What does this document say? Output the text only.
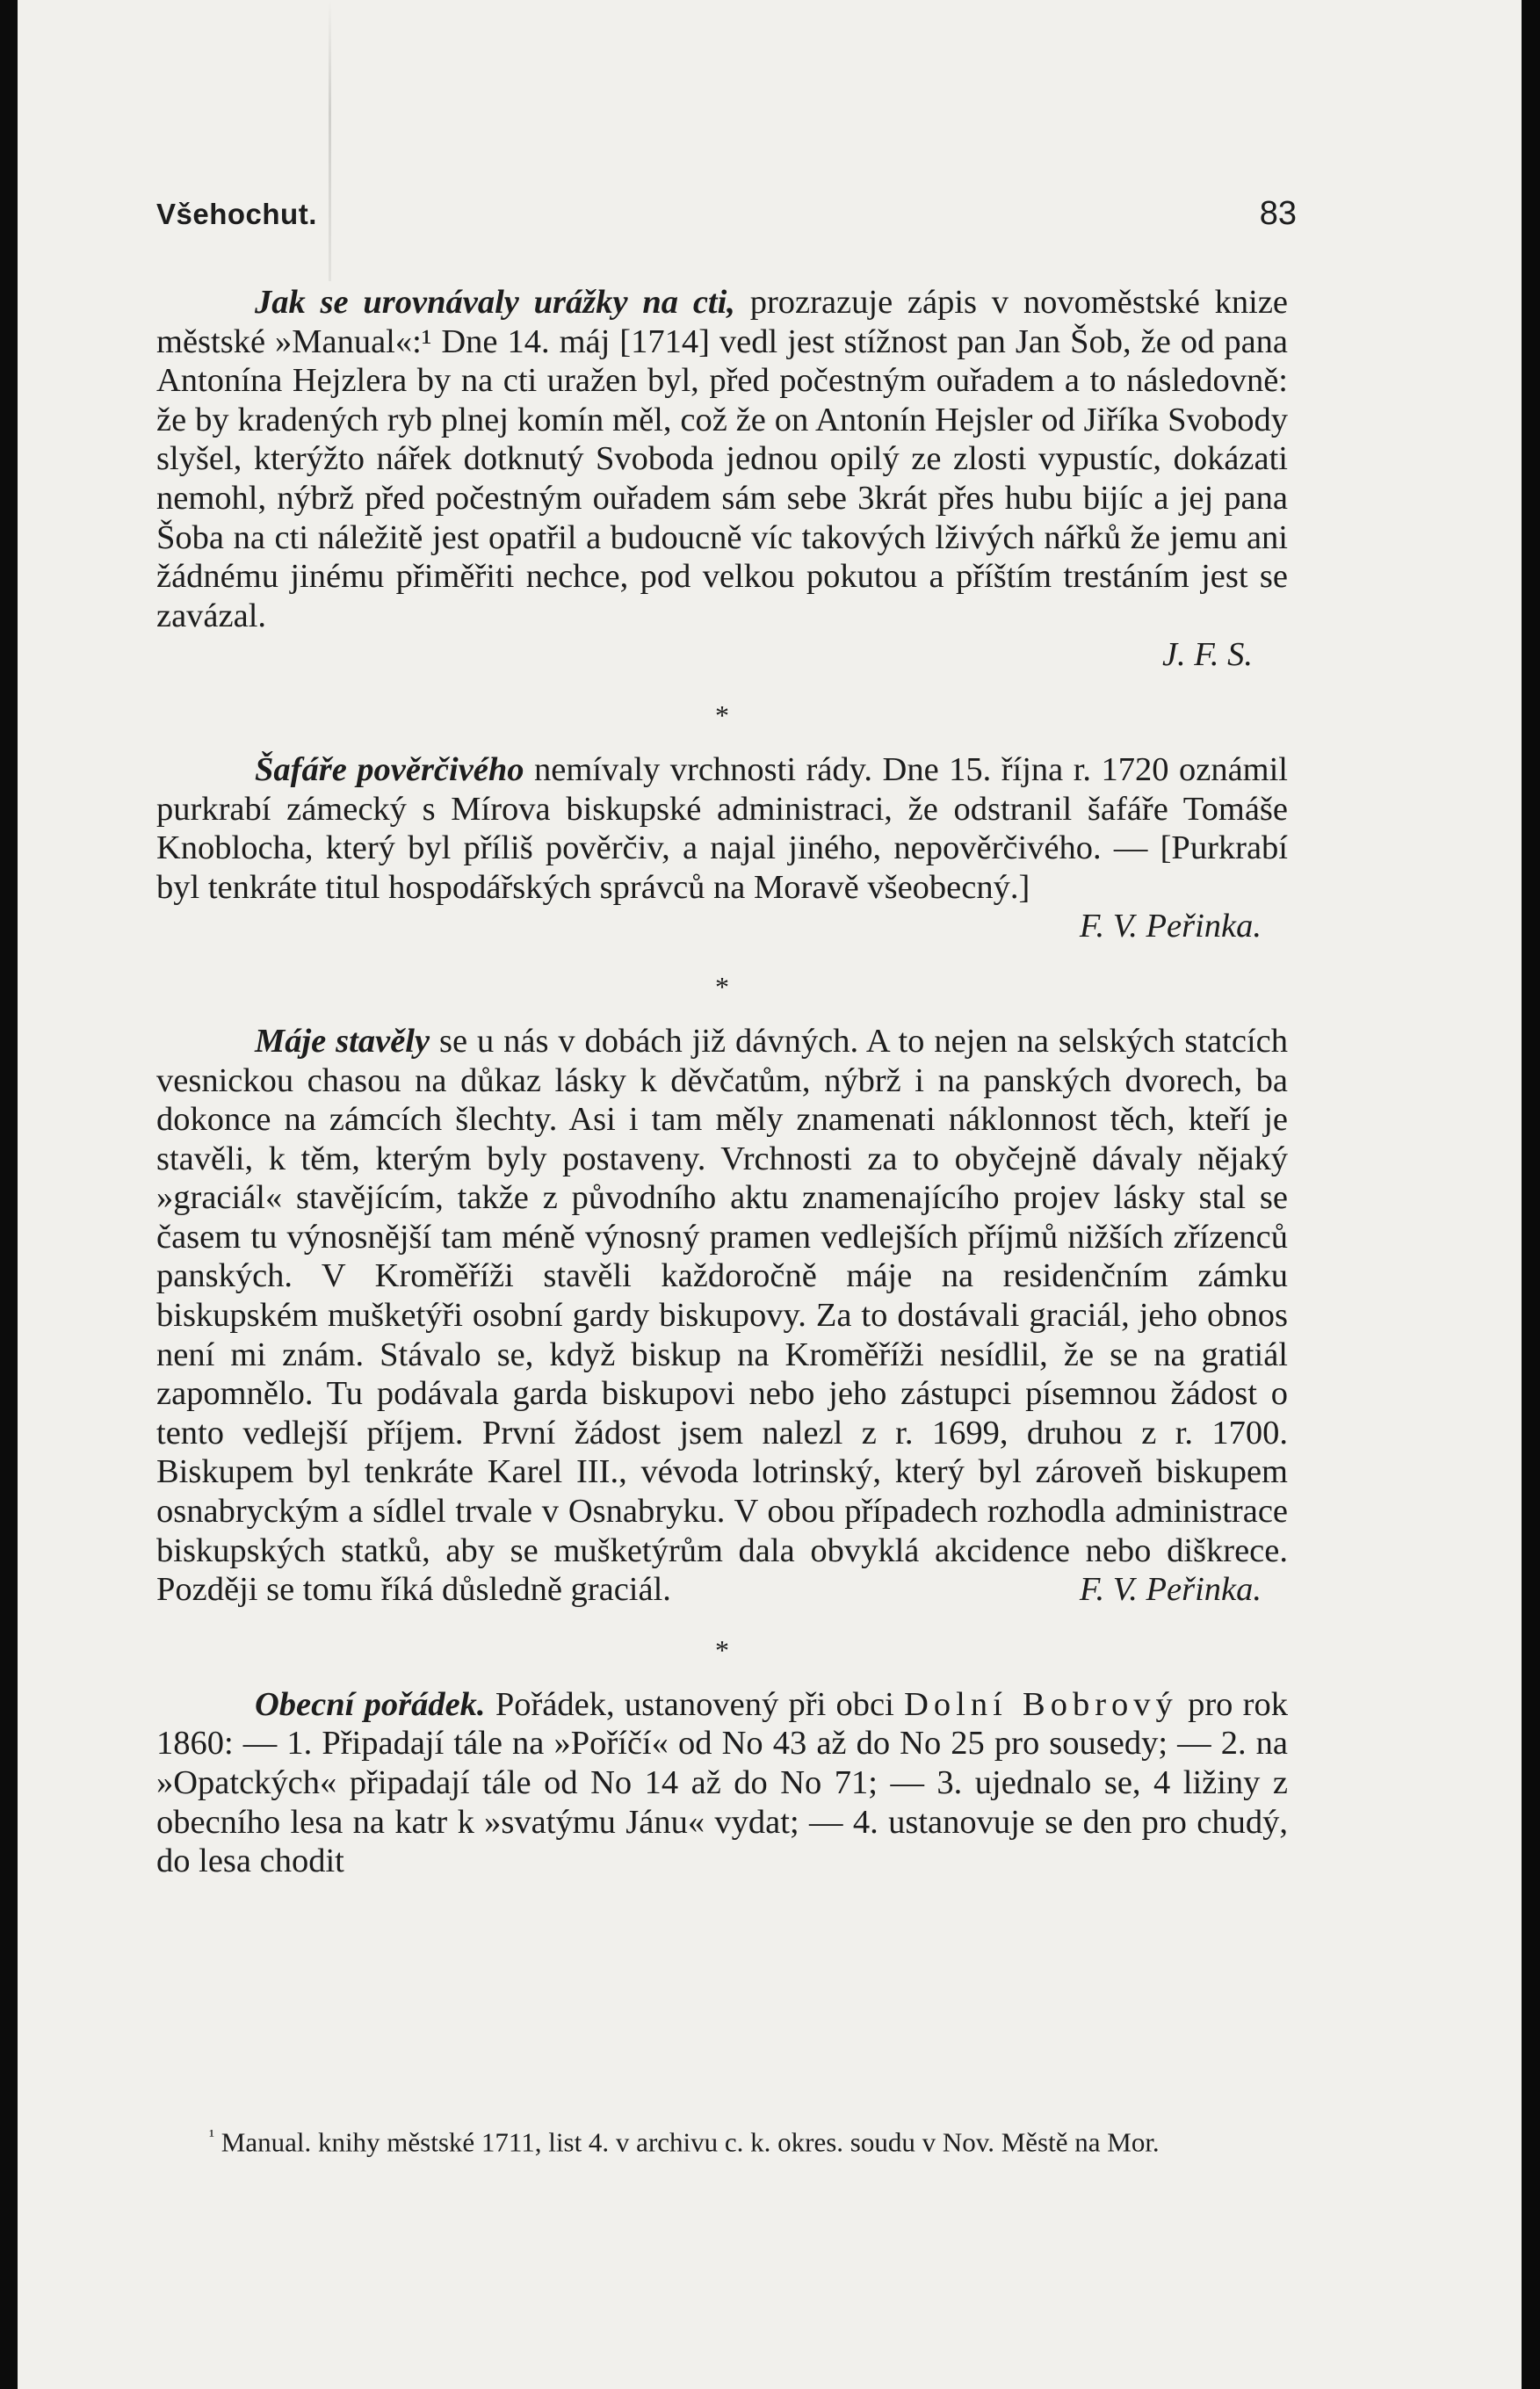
Všehochut.	83

Jak se urovnávaly urážky na cti, prozrazuje zápis v novoměstské knize městské »Manual«:¹ Dne 14. máj [1714] vedl jest stížnost pan Jan Šob, že od pana Antonína Hejzlera by na cti uražen byl, před počestným ouřadem a to následovně: že by kradených ryb plnej komín měl, což že on Antonín Hejsler od Jiříka Svobody slyšel, kterýžto nářek dotknutý Svoboda jednou opilý ze zlosti vypustíc, dokázati nemohl, nýbrž před počestným ouřadem sám sebe 3krát přes hubu bijíc a jej pana Šoba na cti náležitě jest opatřil a budoucně víc takových lživých nářků že jemu ani žádnému jinému přiměřiti nechce, pod velkou pokutou a příštím trestáním jest se zavázal.

J. F. S.
*

Šafáře pověrčivého nemívaly vrchnosti rády. Dne 15. října r. 1720 oznámil purkrabí zámecký s Mírova biskupské administraci, že odstranil šafáře Tomáše Knoblocha, který byl příliš pověrčiv, a najal jiného, nepověrčivého. — [Purkrabí byl tenkráte titul hospodářských správců na Moravě všeobecný.]
F. V. Peřinka.

*

Máje stavěly se u nás v dobách již dávných. A to nejen na selských statcích vesnickou chasou na důkaz lásky k děvčatům, nýbrž i na panských dvorech, ba dokonce na zámcích šlechty. Asi i tam měly znamenati náklonnost těch, kteří je stavěli, k těm, kterým byly postaveny. Vrchnosti za to obyčejně dávaly nějaký »graciál« stavějícím, takže z původního aktu znamenajícího projev lásky stal se časem tu výnosnější tam méně výnosný pramen vedlejších příjmů nižších zřízenců panských. V Kroměříži stavěli každoročně máje na residenčním zámku biskupském mušketýři osobní gardy biskupovy. Za to dostávali graciál, jeho obnos není mi znám. Stávalo se, když biskup na Kroměříži nesídlil, že se na gratiál zapomnělo. Tu podávala garda biskupovi nebo jeho zástupci písemnou žádost o tento vedlejší příjem. První žádost jsem nalezl z r. 1699, druhou z r. 1700. Biskupem byl tenkráte Karel III., vévoda lotrinský, který byl zároveň biskupem osnabryckým a sídlel trvale v Osnabryku. V obou případech rozhodla administrace biskupských statků, aby se mušketýrům dala obvyklá akcidence nebo diškrece. Později se tomu říká důsledně graciál.	F. V. Peřinka.

*

Obecní pořádek. Pořádek, ustanovený při obci Dolní Bobrový pro rok 1860: — 1. Připadají tále na »Poříčí« od No 43 až do No 25 pro sousedy; — 2. na »Opatckých« připadají tále od No 14 až do No 71; — 3. ujednalo se, 4 ližiny z obecního lesa na katr k »svatýmu Jánu« vydat; — 4. ustanovuje se den pro chudý, do lesa chodit

$^{^1}$ Manual. knihy městské 1711, list 4. v archivu c. k. okres. soudu v Nov. Městě na Mor.
